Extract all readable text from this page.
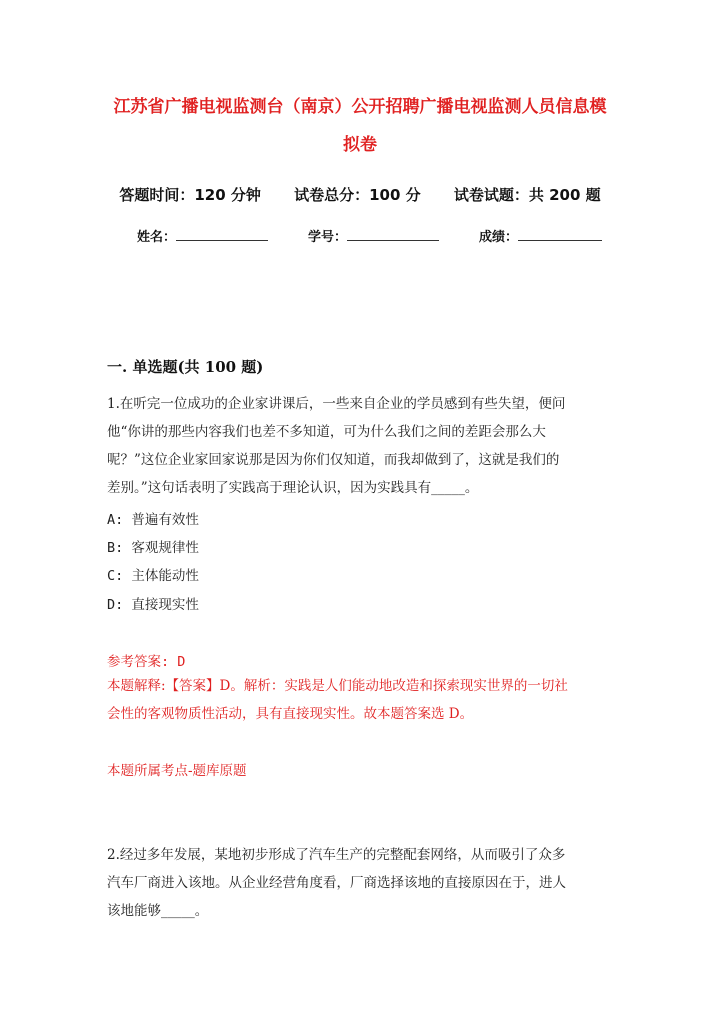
江苏省广播电视监测台（南京）公开招聘广播电视监测人员信息模
拟卷
答题时间：120 分钟 试卷总分：100 分 试卷试题：共 200 题
姓名：	学号：	成绩：
一. 单选题(共 100 题)
1.在听完一位成功的企业家讲课后，一些来自企业的学员感到有些失望，便问
他“你讲的那些内容我们也差不多知道，可为什么我们之间的差距会那么大
呢？”这位企业家回家说那是因为你们仅知道，而我却做到了，这就是我们的
差别。”这句话表明了实践高于理论认识，因为实践具有_____。
A: 普遍有效性
B: 客观规律性
C: 主体能动性
D: 直接现实性
参考答案: D
本题解释:【答案】D。解析：实践是人们能动地改造和探索现实世界的一切社
会性的客观物质性活动，具有直接现实性。故本题答案选 D。
本题所属考点-题库原题
2.经过多年发展，某地初步形成了汽车生产的完整配套网络，从而吸引了众多
汽车厂商进入该地。从企业经营角度看，厂商选择该地的直接原因在于，进人
该地能够_____。
